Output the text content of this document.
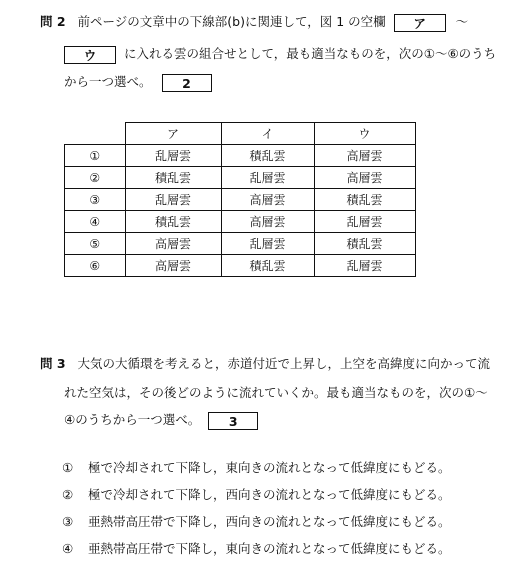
問 2 前ページの文章中の下線部(b)に関連して，図 1 の空欄 ア ～
ウ に入れる雲の組合せとして，最も適当なものを，次の①～⑥のうち
から一つ選べ。 2
	ア	イ	ウ
①	乱層雲	積乱雲	高層雲
②	積乱雲	乱層雲	高層雲
③	乱層雲	高層雲	積乱雲
④	積乱雲	高層雲	乱層雲
⑤	高層雲	乱層雲	積乱雲
⑥	高層雲	積乱雲	乱層雲
問 3 大気の大循環を考えると，赤道付近で上昇し，上空を高緯度に向かって流
れた空気は，その後どのように流れていくか。最も適当なものを，次の①～
④のうちから一つ選べ。 3
① 極で冷却されて下降し，東向きの流れとなって低緯度にもどる。
② 極で冷却されて下降し，西向きの流れとなって低緯度にもどる。
③ 亜熱帯高圧帯で下降し，西向きの流れとなって低緯度にもどる。
④ 亜熱帯高圧帯で下降し，東向きの流れとなって低緯度にもどる。
